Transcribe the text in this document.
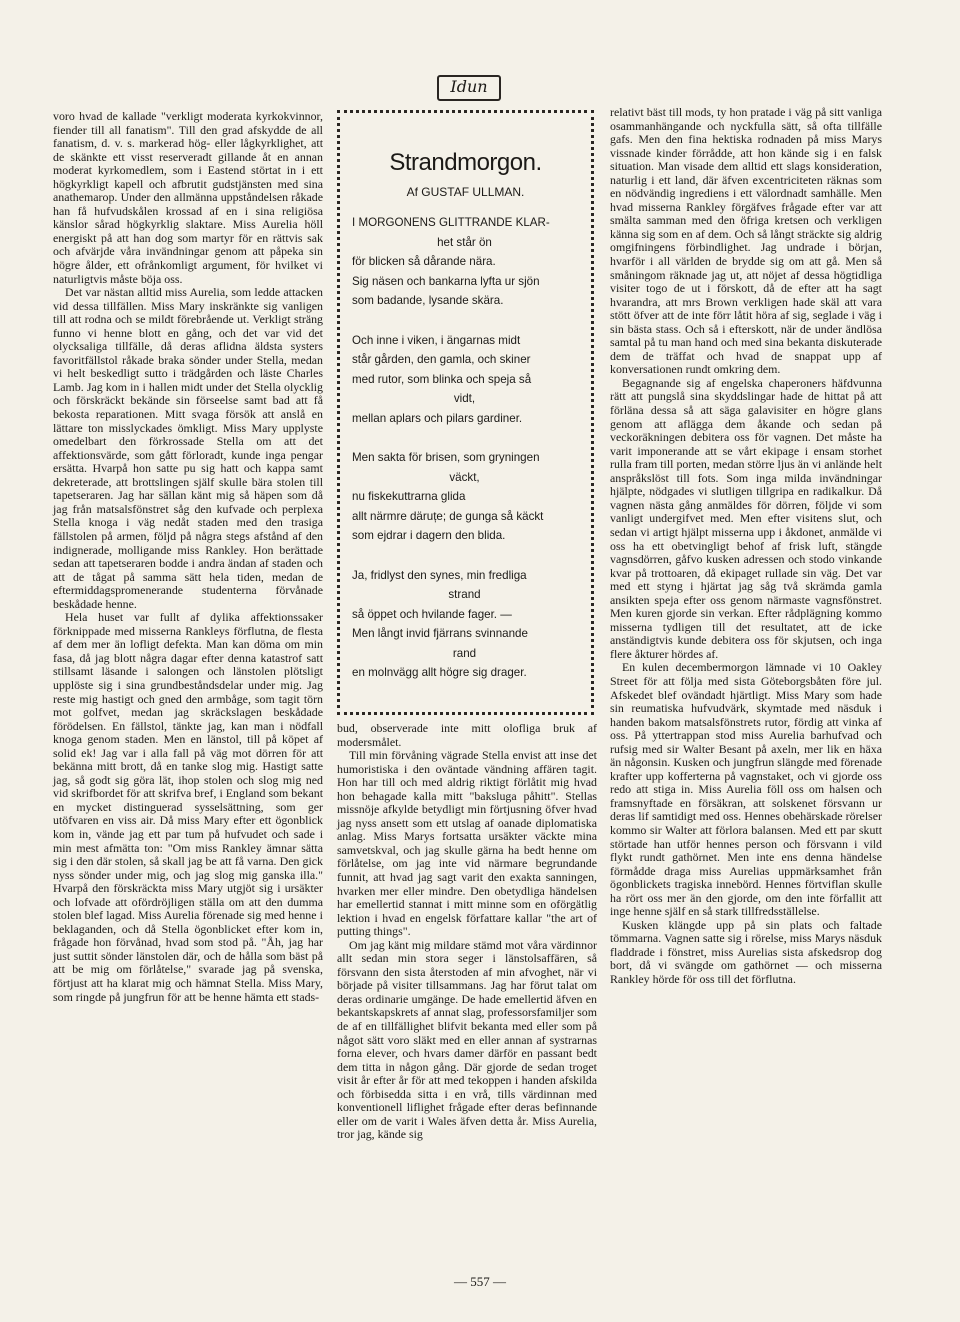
Idun

voro hvad de kallade "verkligt moderata kyrkokvinnor, fiender till all fanatism". Till den grad afskydde de all fanatism, d. v. s. markerad hög- eller lågkyrklighet, att de skänkte ett visst reserveradt gillande åt en annan moderat kyrkomedlem, som i Eastend störtat in i ett högkyrkligt kapell och afbrutit gudstjänsten med sina anathemarop. Under den allmänna uppståndelsen råkade han få hufvudskålen krossad af en i sina religiösa känslor sårad högkyrklig slaktare. Miss Aurelia höll energiskt på att han dog som martyr för en rättvis sak och afvärjde våra invändningar genom att påpeka sin högre ålder, ett ofrånkomligt argument, för hvilket vi naturligtvis måste böja oss.

Det var nästan alltid miss Aurelia, som ledde attacken vid dessa tillfällen. Miss Mary inskränkte sig vanligen till att rodna och se mildt förebrående ut. Verkligt sträng funno vi henne blott en gång, och det var vid det olycksaliga tillfälle, då deras aflidna äldsta systers favoritfällstol råkade braka sönder under Stella, medan vi helt beskedligt sutto i trädgården och läste Charles Lamb. Jag kom in i hallen midt under det Stella olycklig och förskräckt bekände sin förseelse samt bad att få bekosta reparationen. Mitt svaga försök att anslå en lättare ton misslyckades ömkligt. Miss Mary upplyste omedelbart den förkrossade Stella om att det affektionsvärde, som gått förloradt, kunde inga pengar ersätta. Hvarpå hon satte pu sig hatt och kappa samt dekreterade, att brottslingen själf skulle bära stolen till tapetseraren. Jag har sällan känt mig så häpen som då jag från matsalsfönstret såg den kufvade och perplexa Stella knoga i väg nedåt staden med den trasiga fällstolen på armen, följd på några stegs afstånd af den indignerade, molligande miss Rankley. Hon berättade sedan att tapetseraren bodde i andra ändan af staden och att de tågat på samma sätt hela tiden, medan de eftermiddagspromenerande studenterna förvånade beskådade henne.

Hela huset var fullt af dylika affektionssaker förknippade med misserna Rankleys förflutna, de flesta af dem mer än lofligt defekta. Man kan döma om min fasa, då jag blott några dagar efter denna katastrof satt stillsamt läsande i salongen och länstolen plötsligt upplöste sig i sina grundbeståndsdelar under mig. Jag reste mig hastigt och gned den armbåge, som tagit törn mot golfvet, medan jag skräckslagen beskådade förödelsen. En fällstol, tänkte jag, kan man i nödfall knoga genom staden. Men en länstol, till på köpet af solid ek! Jag var i alla fall på väg mot dörren för att bekänna mitt brott, då en tanke slog mig. Hastigt satte jag, så godt sig göra lät, ihop stolen och slog mig ned vid skrifbordet för att skrifva bref, i England som bekant en mycket distinguerad sysselsättning, som ger utöfvaren en viss air. Då miss Mary efter ett ögonblick kom in, vände jag ett par tum på hufvudet och sade i min mest afmätta ton: "Om miss Rankley ämnar sätta sig i den där stolen, så skall jag be att få varna. Den gick nyss sönder under mig, och jag slog mig ganska illa." Hvarpå den förskräckta miss Mary utgjöt sig i ursäkter och lofvade att ofördröjligen ställa om att den dumma stolen blef lagad. Miss Aurelia förenade sig med henne i beklaganden, och då Stella ögonblicket efter kom in, frågade hon förvånad, hvad som stod på. "Åh, jag har just suttit sönder länstolen där, och de hålla som bäst på att be mig om förlåtelse," svarade jag på svenska, förtjust att ha klarat mig och hämnat Stella. Miss Mary, som ringde på jungfrun för att be henne hämta ett stads-

Strandmorgon.
Af GUSTAF ULLMAN.
I MORGONENS GLITTRANDE KLAR-
het står ön
för blicken så dårande nära.
Sig näsen och bankarna lyfta ur sjön
som badande, lysande skära.
Och inne i viken, i ängarnas midt
står gården, den gamla, och skiner
med rutor, som blinka och speja så
vidt,
mellan aplars och pilars gardiner.
Men sakta för brisen, som gryningen
väckt,
nu fiskekuttrarna glida
allt närmre däruțe; de gunga så käckt
som ejdrar i dagern den blida.
Ja, fridlyst den synes, min fredliga
strand
så öppet och hvilande fager. —
Men långt invid fjärrans svinnande
rand
en molnvägg allt högre sig drager.

bud, observerade inte mitt olofliga bruk af modersmålet.

Till min förvåning vägrade Stella envist att inse det humoristiska i den oväntade vändning affären tagit. Hon har till och med aldrig riktigt förlåtit mig hvad hon behagade kalla mitt "baksluga påhitt". Stellas missnöje afkylde betydligt min förtjusning öfver hvad jag nyss ansett som ett utslag af oanade diplomatiska anlag. Miss Marys fortsatta ursäkter väckte mina samvetskval, och jag skulle gärna ha bedt henne om förlåtelse, om jag inte vid närmare begrundande funnit, att hvad jag sagt varit den exakta sanningen, hvarken mer eller mindre. Den obetydliga händelsen har emellertid stannat i mitt minne som en oförgätlig lektion i hvad en engelsk författare kallar "the art of putting things".

Om jag känt mig mildare stämd mot våra värdinnor allt sedan min stora seger i länstolsaffären, så försvann den sista återstoden af min afvoghet, när vi började på visiter tillsammans. Jag har förut talat om deras ordinarie umgänge. De hade emellertid äfven en bekantskapskrets af annat slag, professorsfamiljer som de af en tillfällighet blifvit bekanta med eller som på något sätt voro släkt med en eller annan af systrarnas forna elever, och hvars damer därför en passant bedt dem titta in någon gång. Där gjorde de sedan troget visit år efter år för att med tekoppen i handen afskilda och förbisedda sitta i en vrå, tills värdinnan med konventionell liflighet frågade efter deras befinnande eller om de varit i Wales äfven detta år. Miss Aurelia, tror jag, kände sig

relativt bäst till mods, ty hon pratade i väg på sitt vanliga osammanhängande och nyckfulla sätt, så ofta tillfälle gafs. Men den fina hektiska rodnaden på miss Marys vissnade kinder förrådde, att hon kände sig i en falsk situation. Man visade dem alltid ett slags konsideration, naturlig i ett land, där äfven excentriciteten räknas som en nödvändig ingrediens i ett välordnadt samhälle. Men hvad misserna Rankley förgäfves frågade efter var att smälta samman med den öfriga kretsen och verkligen känna sig som en af dem. Och så långt sträckte sig aldrig omgifningens förbindlighet. Jag undrade i början, hvarför i all världen de brydde sig om att gå. Men så småningom räknade jag ut, att nöjet af dessa högtidliga visiter togo de ut i förskott, då de efter att ha sagt hvarandra, att mrs Brown verkligen hade skäl att vara stött öfver att de inte förr låtit höra af sig, seglade i väg i sin bästa stass. Och så i efterskott, när de under ändlösa samtal på tu man hand och med sina bekanta diskuterade dem de träffat och hvad de snappat upp af konversationen rundt omkring dem.

Begagnande sig af engelska chaperoners häfdvunna rätt att pungslå sina skyddslingar hade de hittat på att förläna dessa så att säga galavisiter en högre glans genom att aflägga dem åkande och sedan på veckoräkningen debitera oss för vagnen. Det måste ha varit imponerande att se vårt ekipage i ensam storhet rulla fram till porten, medan större ljus än vi anlände helt anspråkslöst till fots. Som inga milda invändningar hjälpte, nödgades vi slutligen tillgripa en radikalkur. Då vagnen nästa gång anmäldes för dörren, följde vi som vanligt undergifvet med. Men efter visitens slut, och sedan vi artigt hjälpt misserna upp i åkdonet, anmälde vi oss ha ett obetvingligt behof af frisk luft, stängde vagnsdörren, gåfvo kusken adressen och stodo vinkande kvar på trottoaren, då ekipaget rullade sin väg. Det var med ett styng i hjärtat jag såg två skrämda gamla ansikten speja efter oss genom närmaste vagnsfönstret. Men kuren gjorde sin verkan. Efter rådplägning kommo misserna tydligen till det resultatet, att de icke anständigtvis kunde debitera oss för skjutsen, och inga flere åkturer hördes af.

En kulen decembermorgon lämnade vi 10 Oakley Street för att följa med sista Göteborgsbåten före jul. Afskedet blef ovändadt hjärtligt. Miss Mary som hade sin reumatiska hufvudvärk, skymtade med näsduk i handen bakom matsalsfönstrets rutor, fördig att vinka af oss. På yttertrappan stod miss Aurelia barhufvad och rufsig med sir Walter Besant på axeln, mer lik en häxa än någonsin. Kusken och jungfrun slängde med förenade krafter upp kofferterna på vagnstaket, och vi gjorde oss redo att stiga in. Miss Aurelia föll oss om halsen och framsnyftade en försäkran, att solskenet försvann ur deras lif samtidigt med oss. Hennes obehärskade rörelser kommo sir Walter att förlora balansen. Med ett par skutt störtade han utför hennes person och försvann i vild flykt rundt gathörnet. Men inte ens denna händelse förmådde draga miss Aurelias uppmärksamhet från ögonblickets tragiska innebörd. Hennes förtviflan skulle ha rört oss mer än den gjorde, om den inte förfallit att inge henne själf en så stark tillfredsställelse.

Kusken klängde upp på sin plats och faltade tömmarna. Vagnen satte sig i rörelse, miss Marys näsduk fladdrade i fönstret, miss Aurelias sista afskedsrop dog bort, då vi svängde om gathörnet — och misserna Rankley hörde för oss till det förflutna.

— 557 —
